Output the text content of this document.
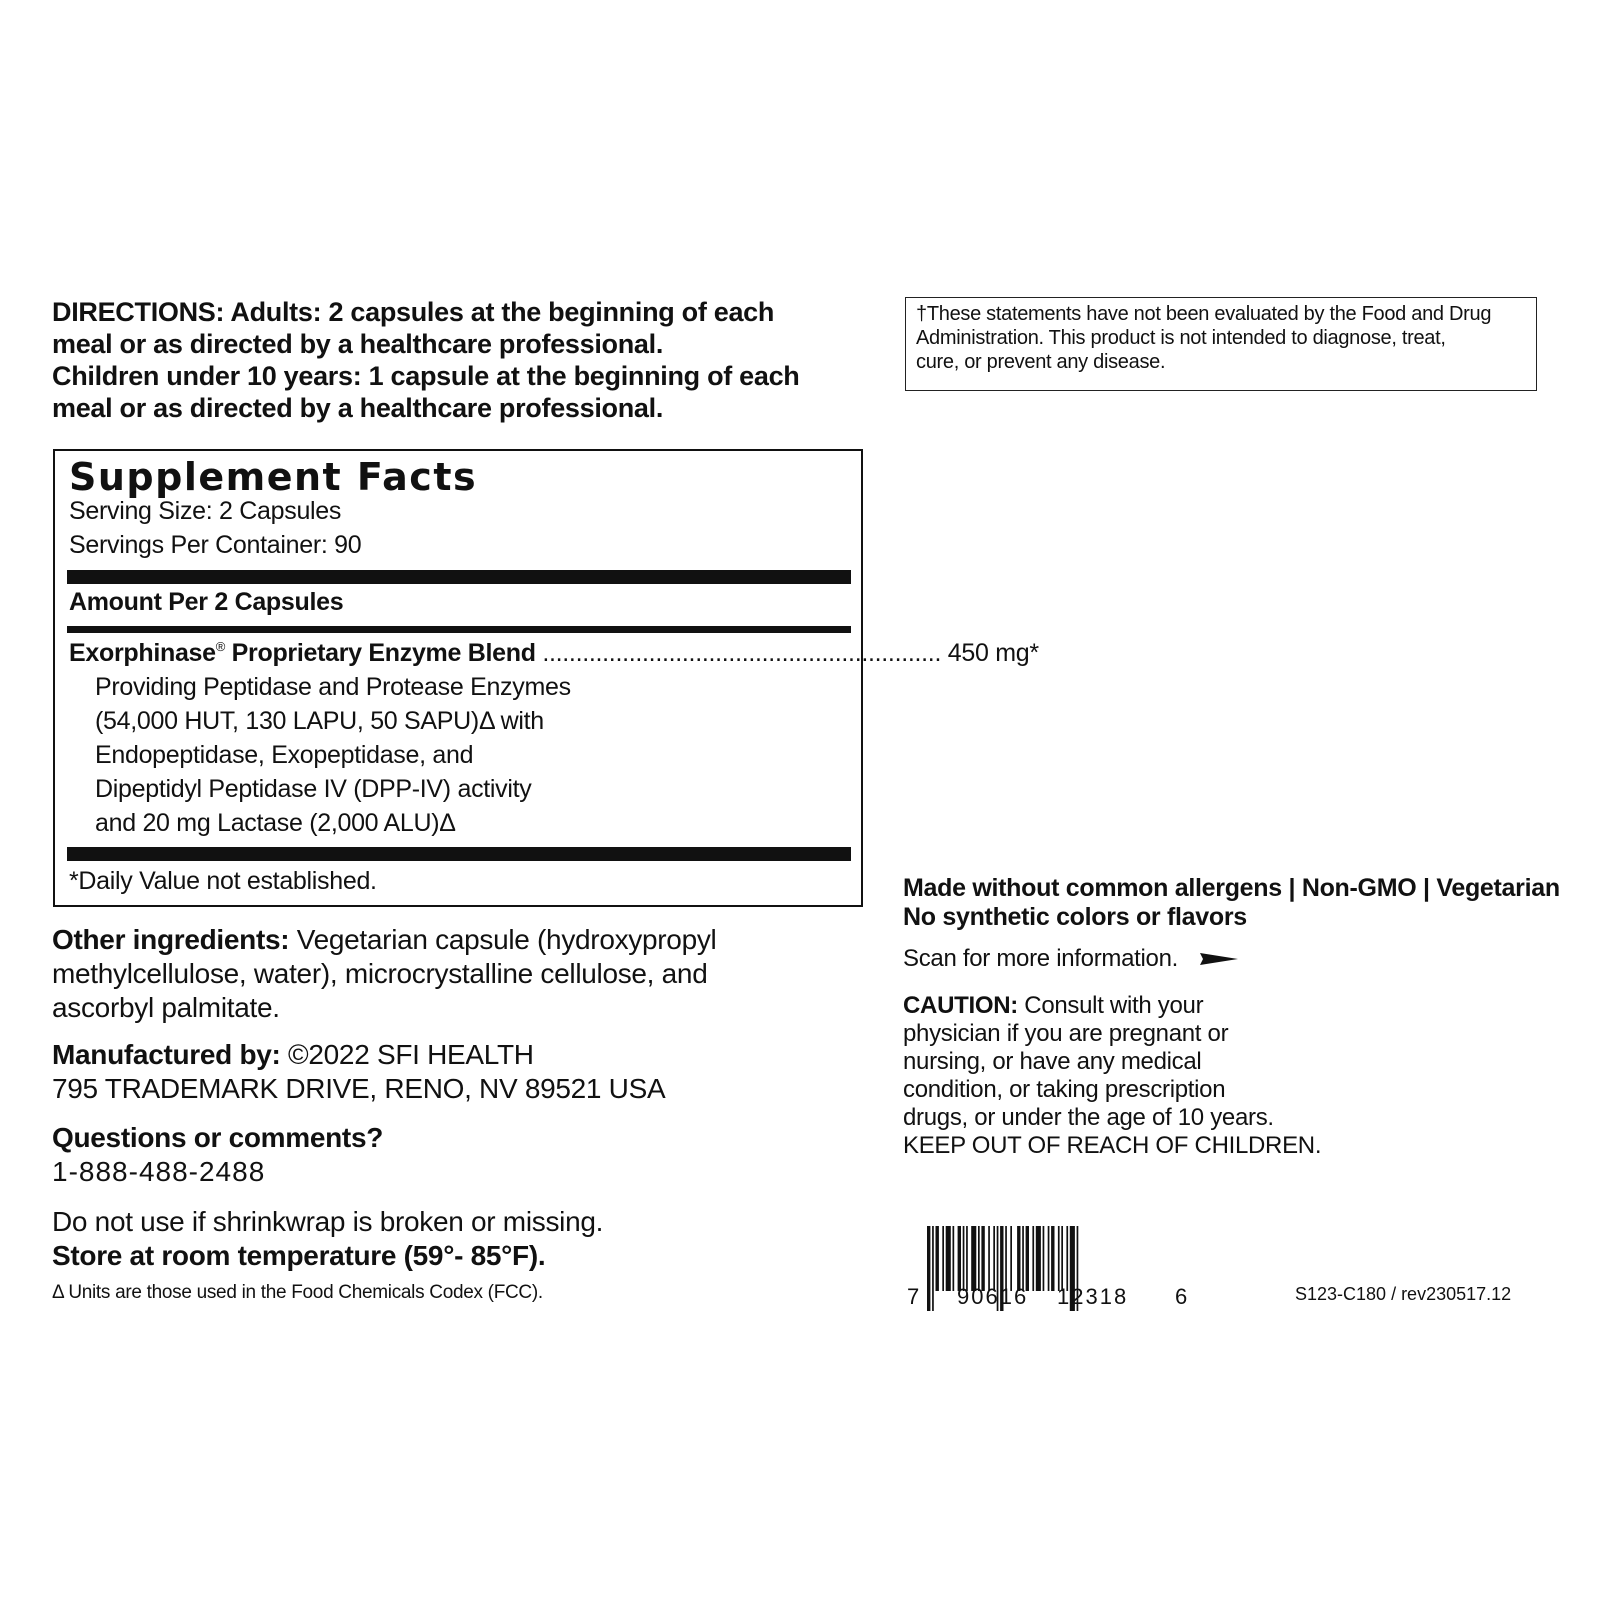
DIRECTIONS: Adults: 2 capsules at the beginning of each
meal or as directed by a healthcare professional.
Children under 10 years: 1 capsule at the beginning of each
meal or as directed by a healthcare professional.
Supplement Facts
Serving Size: 2 Capsules
Servings Per Container: 90
Amount Per 2 Capsules
Exorphinase ® Proprietary Enzyme Blend ............................................................ 450 mg*
Providing Peptidase and Protease Enzymes
(54,000 HUT, 130 LAPU, 50 SAPU)Δ with
Endopeptidase, Exopeptidase, and
Dipeptidyl Peptidase IV (DPP-IV) activity
and 20 mg Lactase (2,000 ALU)Δ
*Daily Value not established.
Other ingredients: Vegetarian capsule (hydroxypropyl
methylcellulose, water), microcrystalline cellulose, and
ascorbyl palmitate.
Manufactured by: ©2022 SFI HEALTH
795 TRADEMARK DRIVE, RENO, NV 89521 USA
Questions or comments?
1-888-488-2488
Do not use if shrinkwrap is broken or missing.
Store at room temperature (59°- 85°F).
Δ Units are those used in the Food Chemicals Codex (FCC).
†These statements have not been evaluated by the Food and Drug
Administration. This product is not intended to diagnose, treat,
cure, or prevent any disease.
Made without common allergens | Non-GMO | Vegetarian
No synthetic colors or flavors
Scan for more information.
CAUTION: Consult with your
physician if you are pregnant or
nursing, or have any medical
condition, or taking prescription
drugs, or under the age of 10 years.
KEEP OUT OF REACH OF CHILDREN.
7 90616 12318 6	S123-C180 / rev230517.12
